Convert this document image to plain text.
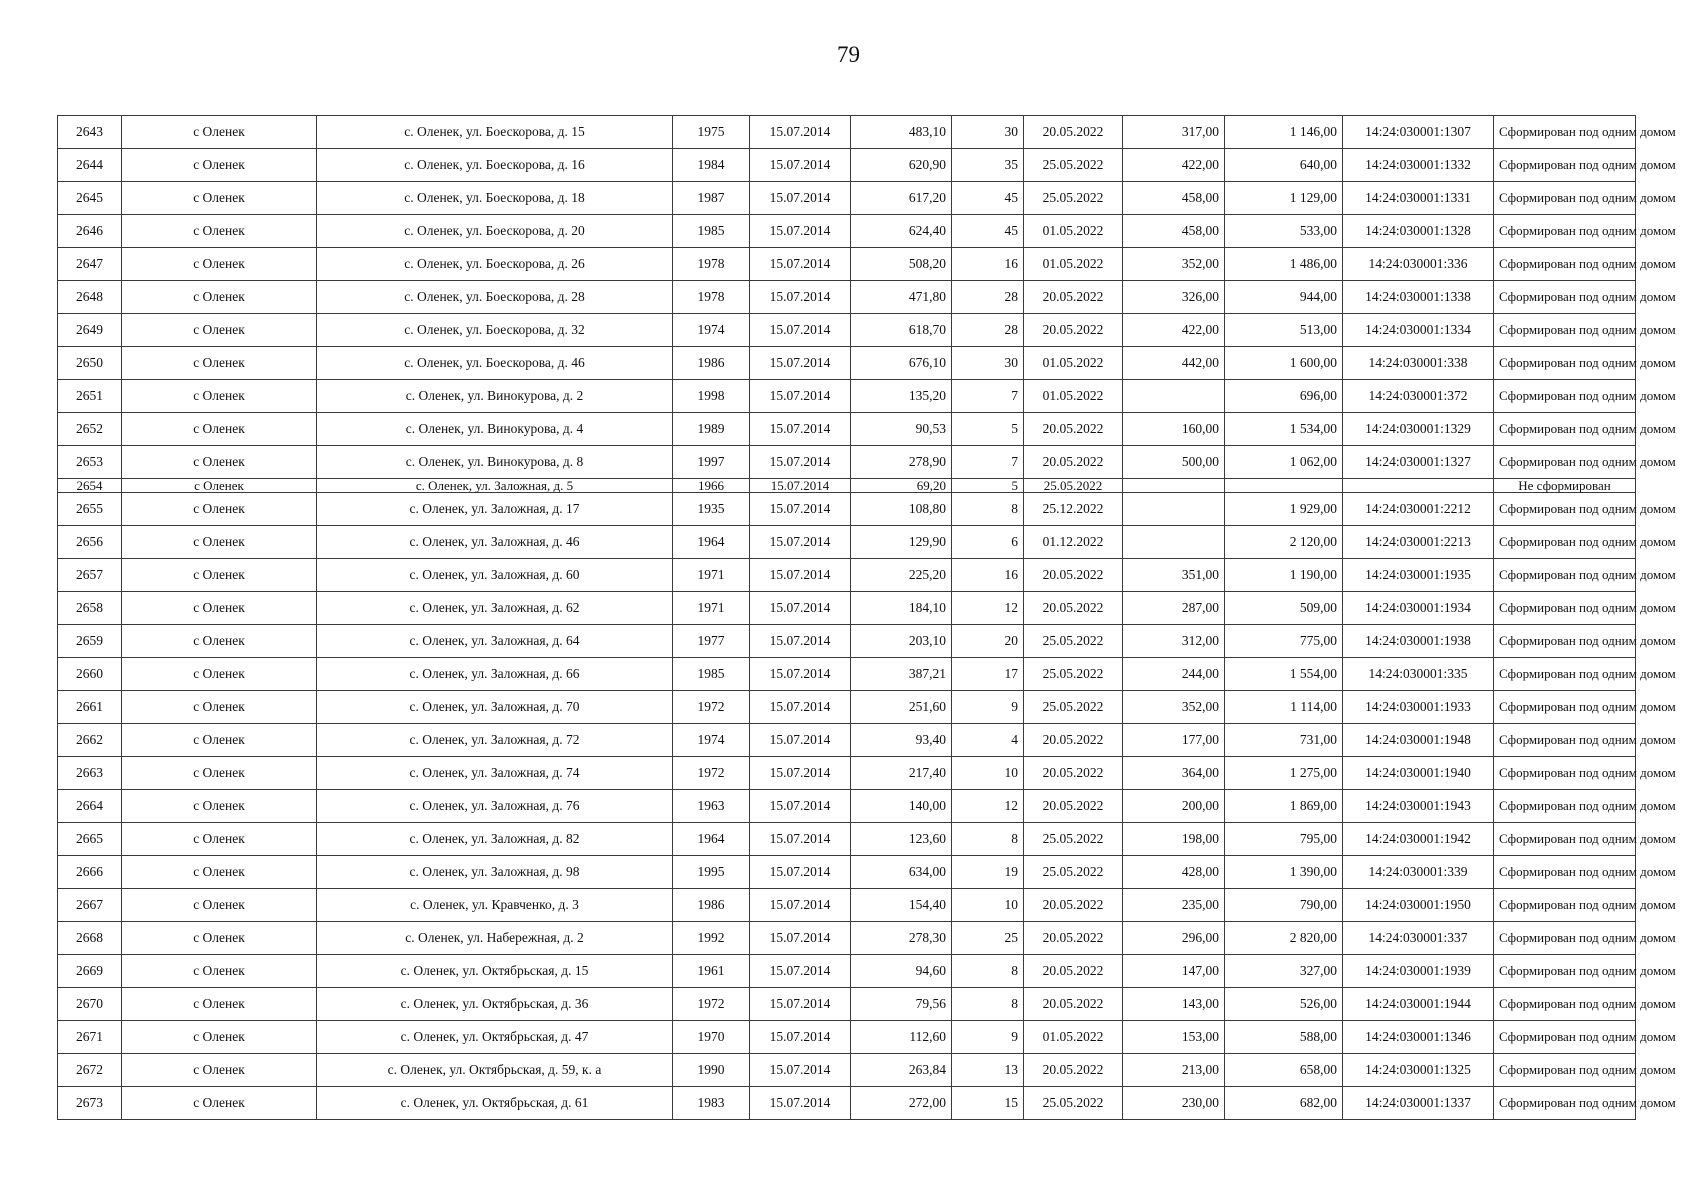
79
2643	с Оленек	с. Оленек, ул. Боескорова, д. 15	1975	15.07.2014	483,10	30	20.05.2022	317,00	1 146,00	14:24:030001:1307	Сформирован под одним домом
2644	с Оленек	с. Оленек, ул. Боескорова, д. 16	1984	15.07.2014	620,90	35	25.05.2022	422,00	640,00	14:24:030001:1332	Сформирован под одним домом
2645	с Оленек	с. Оленек, ул. Боескорова, д. 18	1987	15.07.2014	617,20	45	25.05.2022	458,00	1 129,00	14:24:030001:1331	Сформирован под одним домом
2646	с Оленек	с. Оленек, ул. Боескорова, д. 20	1985	15.07.2014	624,40	45	01.05.2022	458,00	533,00	14:24:030001:1328	Сформирован под одним домом
2647	с Оленек	с. Оленек, ул. Боескорова, д. 26	1978	15.07.2014	508,20	16	01.05.2022	352,00	1 486,00	14:24:030001:336	Сформирован под одним домом
2648	с Оленек	с. Оленек, ул. Боескорова, д. 28	1978	15.07.2014	471,80	28	20.05.2022	326,00	944,00	14:24:030001:1338	Сформирован под одним домом
2649	с Оленек	с. Оленек, ул. Боескорова, д. 32	1974	15.07.2014	618,70	28	20.05.2022	422,00	513,00	14:24:030001:1334	Сформирован под одним домом
2650	с Оленек	с. Оленек, ул. Боескорова, д. 46	1986	15.07.2014	676,10	30	01.05.2022	442,00	1 600,00	14:24:030001:338	Сформирован под одним домом
2651	с Оленек	с. Оленек, ул. Винокурова, д. 2	1998	15.07.2014	135,20	7	01.05.2022		696,00	14:24:030001:372	Сформирован под одним домом
2652	с Оленек	с. Оленек, ул. Винокурова, д. 4	1989	15.07.2014	90,53	5	20.05.2022	160,00	1 534,00	14:24:030001:1329	Сформирован под одним домом
2653	с Оленек	с. Оленек, ул. Винокурова, д. 8	1997	15.07.2014	278,90	7	20.05.2022	500,00	1 062,00	14:24:030001:1327	Сформирован под одним домом
2654	с Оленек	с. Оленек, ул. Заложная, д. 5	1966	15.07.2014	69,20	5	25.05.2022				Не сформирован
2655	с Оленек	с. Оленек, ул. Заложная, д. 17	1935	15.07.2014	108,80	8	25.12.2022		1 929,00	14:24:030001:2212	Сформирован под одним домом
2656	с Оленек	с. Оленек, ул. Заложная, д. 46	1964	15.07.2014	129,90	6	01.12.2022		2 120,00	14:24:030001:2213	Сформирован под одним домом
2657	с Оленек	с. Оленек, ул. Заложная, д. 60	1971	15.07.2014	225,20	16	20.05.2022	351,00	1 190,00	14:24:030001:1935	Сформирован под одним домом
2658	с Оленек	с. Оленек, ул. Заложная, д. 62	1971	15.07.2014	184,10	12	20.05.2022	287,00	509,00	14:24:030001:1934	Сформирован под одним домом
2659	с Оленек	с. Оленек, ул. Заложная, д. 64	1977	15.07.2014	203,10	20	25.05.2022	312,00	775,00	14:24:030001:1938	Сформирован под одним домом
2660	с Оленек	с. Оленек, ул. Заложная, д. 66	1985	15.07.2014	387,21	17	25.05.2022	244,00	1 554,00	14:24:030001:335	Сформирован под одним домом
2661	с Оленек	с. Оленек, ул. Заложная, д. 70	1972	15.07.2014	251,60	9	25.05.2022	352,00	1 114,00	14:24:030001:1933	Сформирован под одним домом
2662	с Оленек	с. Оленек, ул. Заложная, д. 72	1974	15.07.2014	93,40	4	20.05.2022	177,00	731,00	14:24:030001:1948	Сформирован под одним домом
2663	с Оленек	с. Оленек, ул. Заложная, д. 74	1972	15.07.2014	217,40	10	20.05.2022	364,00	1 275,00	14:24:030001:1940	Сформирован под одним домом
2664	с Оленек	с. Оленек, ул. Заложная, д. 76	1963	15.07.2014	140,00	12	20.05.2022	200,00	1 869,00	14:24:030001:1943	Сформирован под одним домом
2665	с Оленек	с. Оленек, ул. Заложная, д. 82	1964	15.07.2014	123,60	8	25.05.2022	198,00	795,00	14:24:030001:1942	Сформирован под одним домом
2666	с Оленек	с. Оленек, ул. Заложная, д. 98	1995	15.07.2014	634,00	19	25.05.2022	428,00	1 390,00	14:24:030001:339	Сформирован под одним домом
2667	с Оленек	с. Оленек, ул. Кравченко, д. 3	1986	15.07.2014	154,40	10	20.05.2022	235,00	790,00	14:24:030001:1950	Сформирован под одним домом
2668	с Оленек	с. Оленек, ул. Набережная, д. 2	1992	15.07.2014	278,30	25	20.05.2022	296,00	2 820,00	14:24:030001:337	Сформирован под одним домом
2669	с Оленек	с. Оленек, ул. Октябрьская, д. 15	1961	15.07.2014	94,60	8	20.05.2022	147,00	327,00	14:24:030001:1939	Сформирован под одним домом
2670	с Оленек	с. Оленек, ул. Октябрьская, д. 36	1972	15.07.2014	79,56	8	20.05.2022	143,00	526,00	14:24:030001:1944	Сформирован под одним домом
2671	с Оленек	с. Оленек, ул. Октябрьская, д. 47	1970	15.07.2014	112,60	9	01.05.2022	153,00	588,00	14:24:030001:1346	Сформирован под одним домом
2672	с Оленек	с. Оленек, ул. Октябрьская, д. 59, к. а	1990	15.07.2014	263,84	13	20.05.2022	213,00	658,00	14:24:030001:1325	Сформирован под одним домом
2673	с Оленек	с. Оленек, ул. Октябрьская, д. 61	1983	15.07.2014	272,00	15	25.05.2022	230,00	682,00	14:24:030001:1337	Сформирован под одним домом
